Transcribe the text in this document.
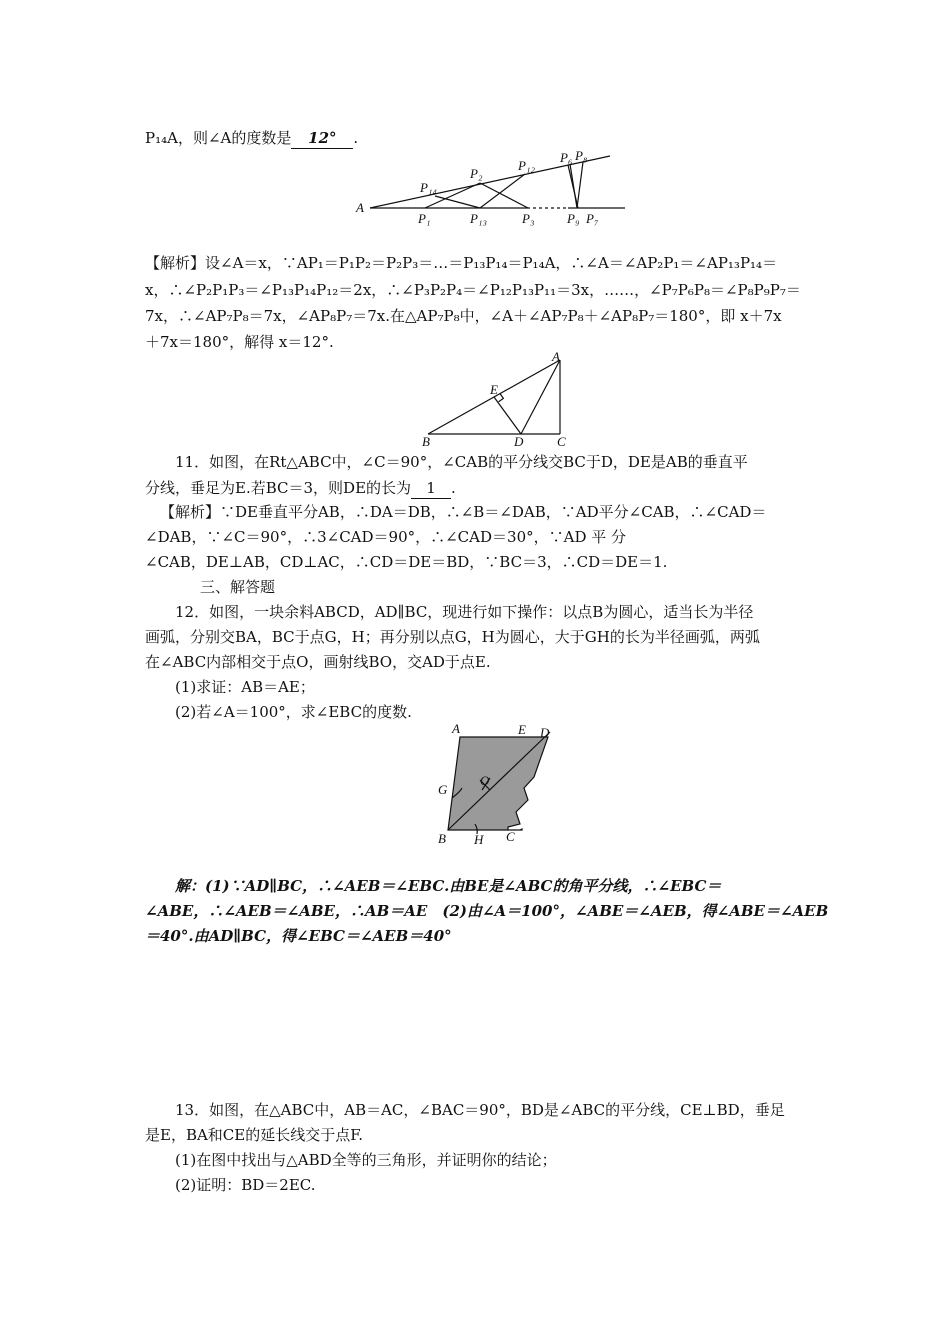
P₁₄A，则∠A的度数是 12° .
A
P₁
P₂
P₃
P₆
P₇
P₈
P₉
P₁₂
P₁₃
P₁₄
【解析】设∠A＝x，∵AP₁＝P₁P₂＝P₂P₃＝…＝P₁₃P₁₄＝P₁₄A，∴∠A＝∠AP₂P₁＝∠AP₁₃P₁₄＝
x，∴∠P₂P₁P₃＝∠P₁₃P₁₄P₁₂＝2x，∴∠P₃P₂P₄＝∠P₁₂P₁₃P₁₁＝3x，……，∠P₇P₆P₈＝∠P₈P₉P₇＝
7x，∴∠AP₇P₈＝7x，∠AP₈P₇＝7x.在△AP₇P₈中，∠A＋∠AP₇P₈＋∠AP₈P₇＝180°，即 x＋7x
＋7x＝180°，解得 x＝12°.
A
B	C
D
E
11．如图，在Rt△ABC中，∠C＝90°，∠CAB的平分线交BC于D，DE是AB的垂直平
分线，垂足为E.若BC＝3，则DE的长为 1 .
【解析】∵DE垂直平分AB，∴DA＝DB，∴∠B＝∠DAB，∵AD平分∠CAB，∴∠CAD＝
∠DAB，∵∠C＝90°，∴3∠CAD＝90°，∴∠CAD＝30°，∵AD 平 分
∠CAB，DE⊥AB，CD⊥AC，∴CD＝DE＝BD，∵BC＝3，∴CD＝DE＝1.
三、解答题
12．如图，一块余料ABCD，AD∥BC，现进行如下操作：以点B为圆心，适当长为半径
画弧，分别交BA，BC于点G，H；再分别以点G，H为圆心，大于GH的长为半径画弧，两弧
在∠ABC内部相交于点O，画射线BO，交AD于点E.
(1)求证：AB＝AE；
(2)若∠A＝100°，求∠EBC的度数.
A
B	C
D
E
G
H
O
解：(1)∵AD∥BC，∴∠AEB＝∠EBC.由BE是∠ABC的角平分线，∴∠EBC＝
∠ABE，∴∠AEB＝∠ABE，∴AB＝AE　(2)由∠A＝100°，∠ABE＝∠AEB，得∠ABE＝∠AEB
＝40°.由AD∥BC，得∠EBC＝∠AEB＝40°
13．如图，在△ABC中，AB＝AC，∠BAC＝90°，BD是∠ABC的平分线，CE⊥BD，垂足
是E，BA和CE的延长线交于点F.
(1)在图中找出与△ABD全等的三角形，并证明你的结论；
(2)证明：BD＝2EC.
